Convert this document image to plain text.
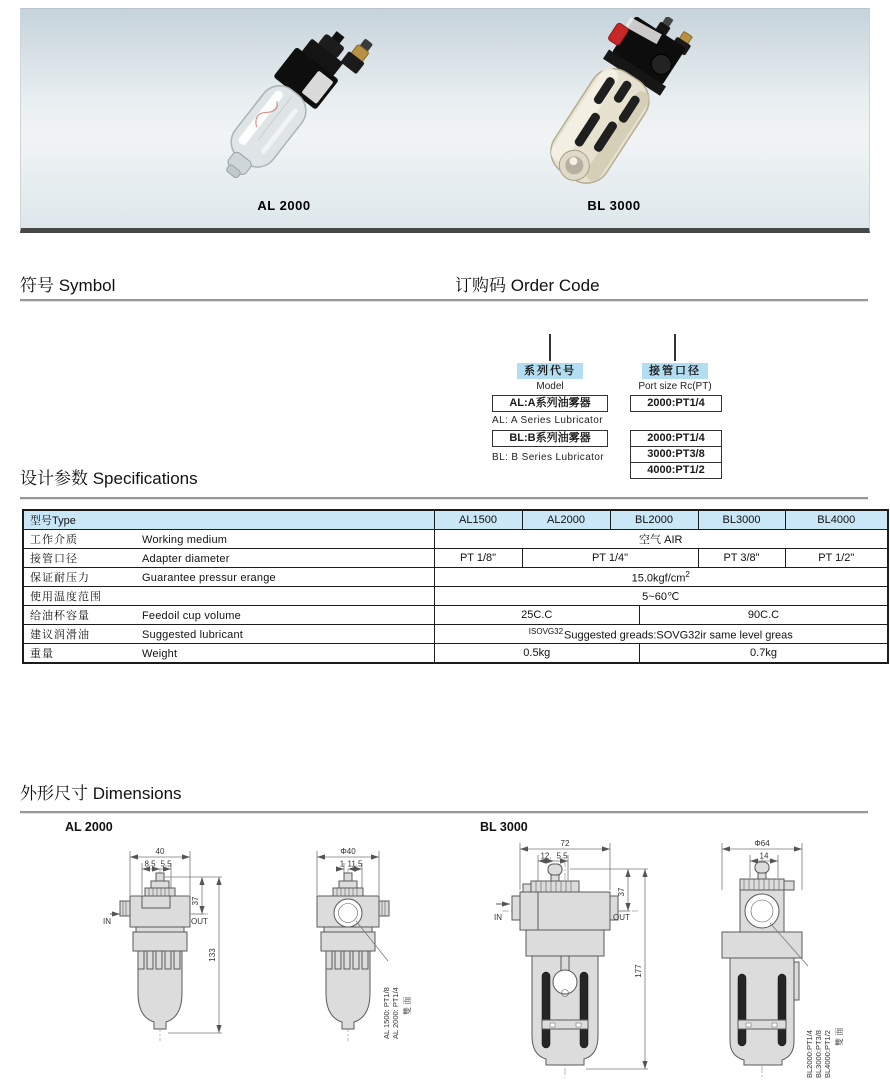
AL 2000	BL 3000
符号 Symbol	订购码 Order Code
系列代号	接管口径
Model	Port size Rc(PT)
AL:A系列油雾器	2000:PT1/4
AL: A Series Lubricator
BL:B系列油雾器
BL: B Series Lubricator
2000:PT1/4
3000:PT3/8
4000:PT1/2
设计参数 Specifications
型号Type	AL1500	AL2000	BL2000	BL3000	BL4000
工作介质 Working medium	空气 AIR				
接管口径 Adapter diameter	PT 1/8"	PT 1/4"		PT 3/8"	PT 1/2"
保证耐压力 Guarantee pressur erange	$15.0kgf/cm^2$
使用温度范围	5~60℃				
给油杯容量 Feedoil cup volume	25C.C 90C.C				

建议润滑油 Suggested lubricant	$^{ISOVG32}$Suggested greads:SOVG32ir same level greas				
重量 Weight	0.5kg 0.7kg				
外形尺寸 Dimensions
AL 2000	BL 3000
40
8.5 5.5
IN	OUT
37
133
Φ40
1 11.5
AL 1500: PT1/8 AL 2000: PT1/4 雙 面
72
12. 5.5
IN	OUT
37
177
Φ64
14
BL2000:PT1/4 BL3000:PT3/8 BL4000:PT1/2 雙 面
